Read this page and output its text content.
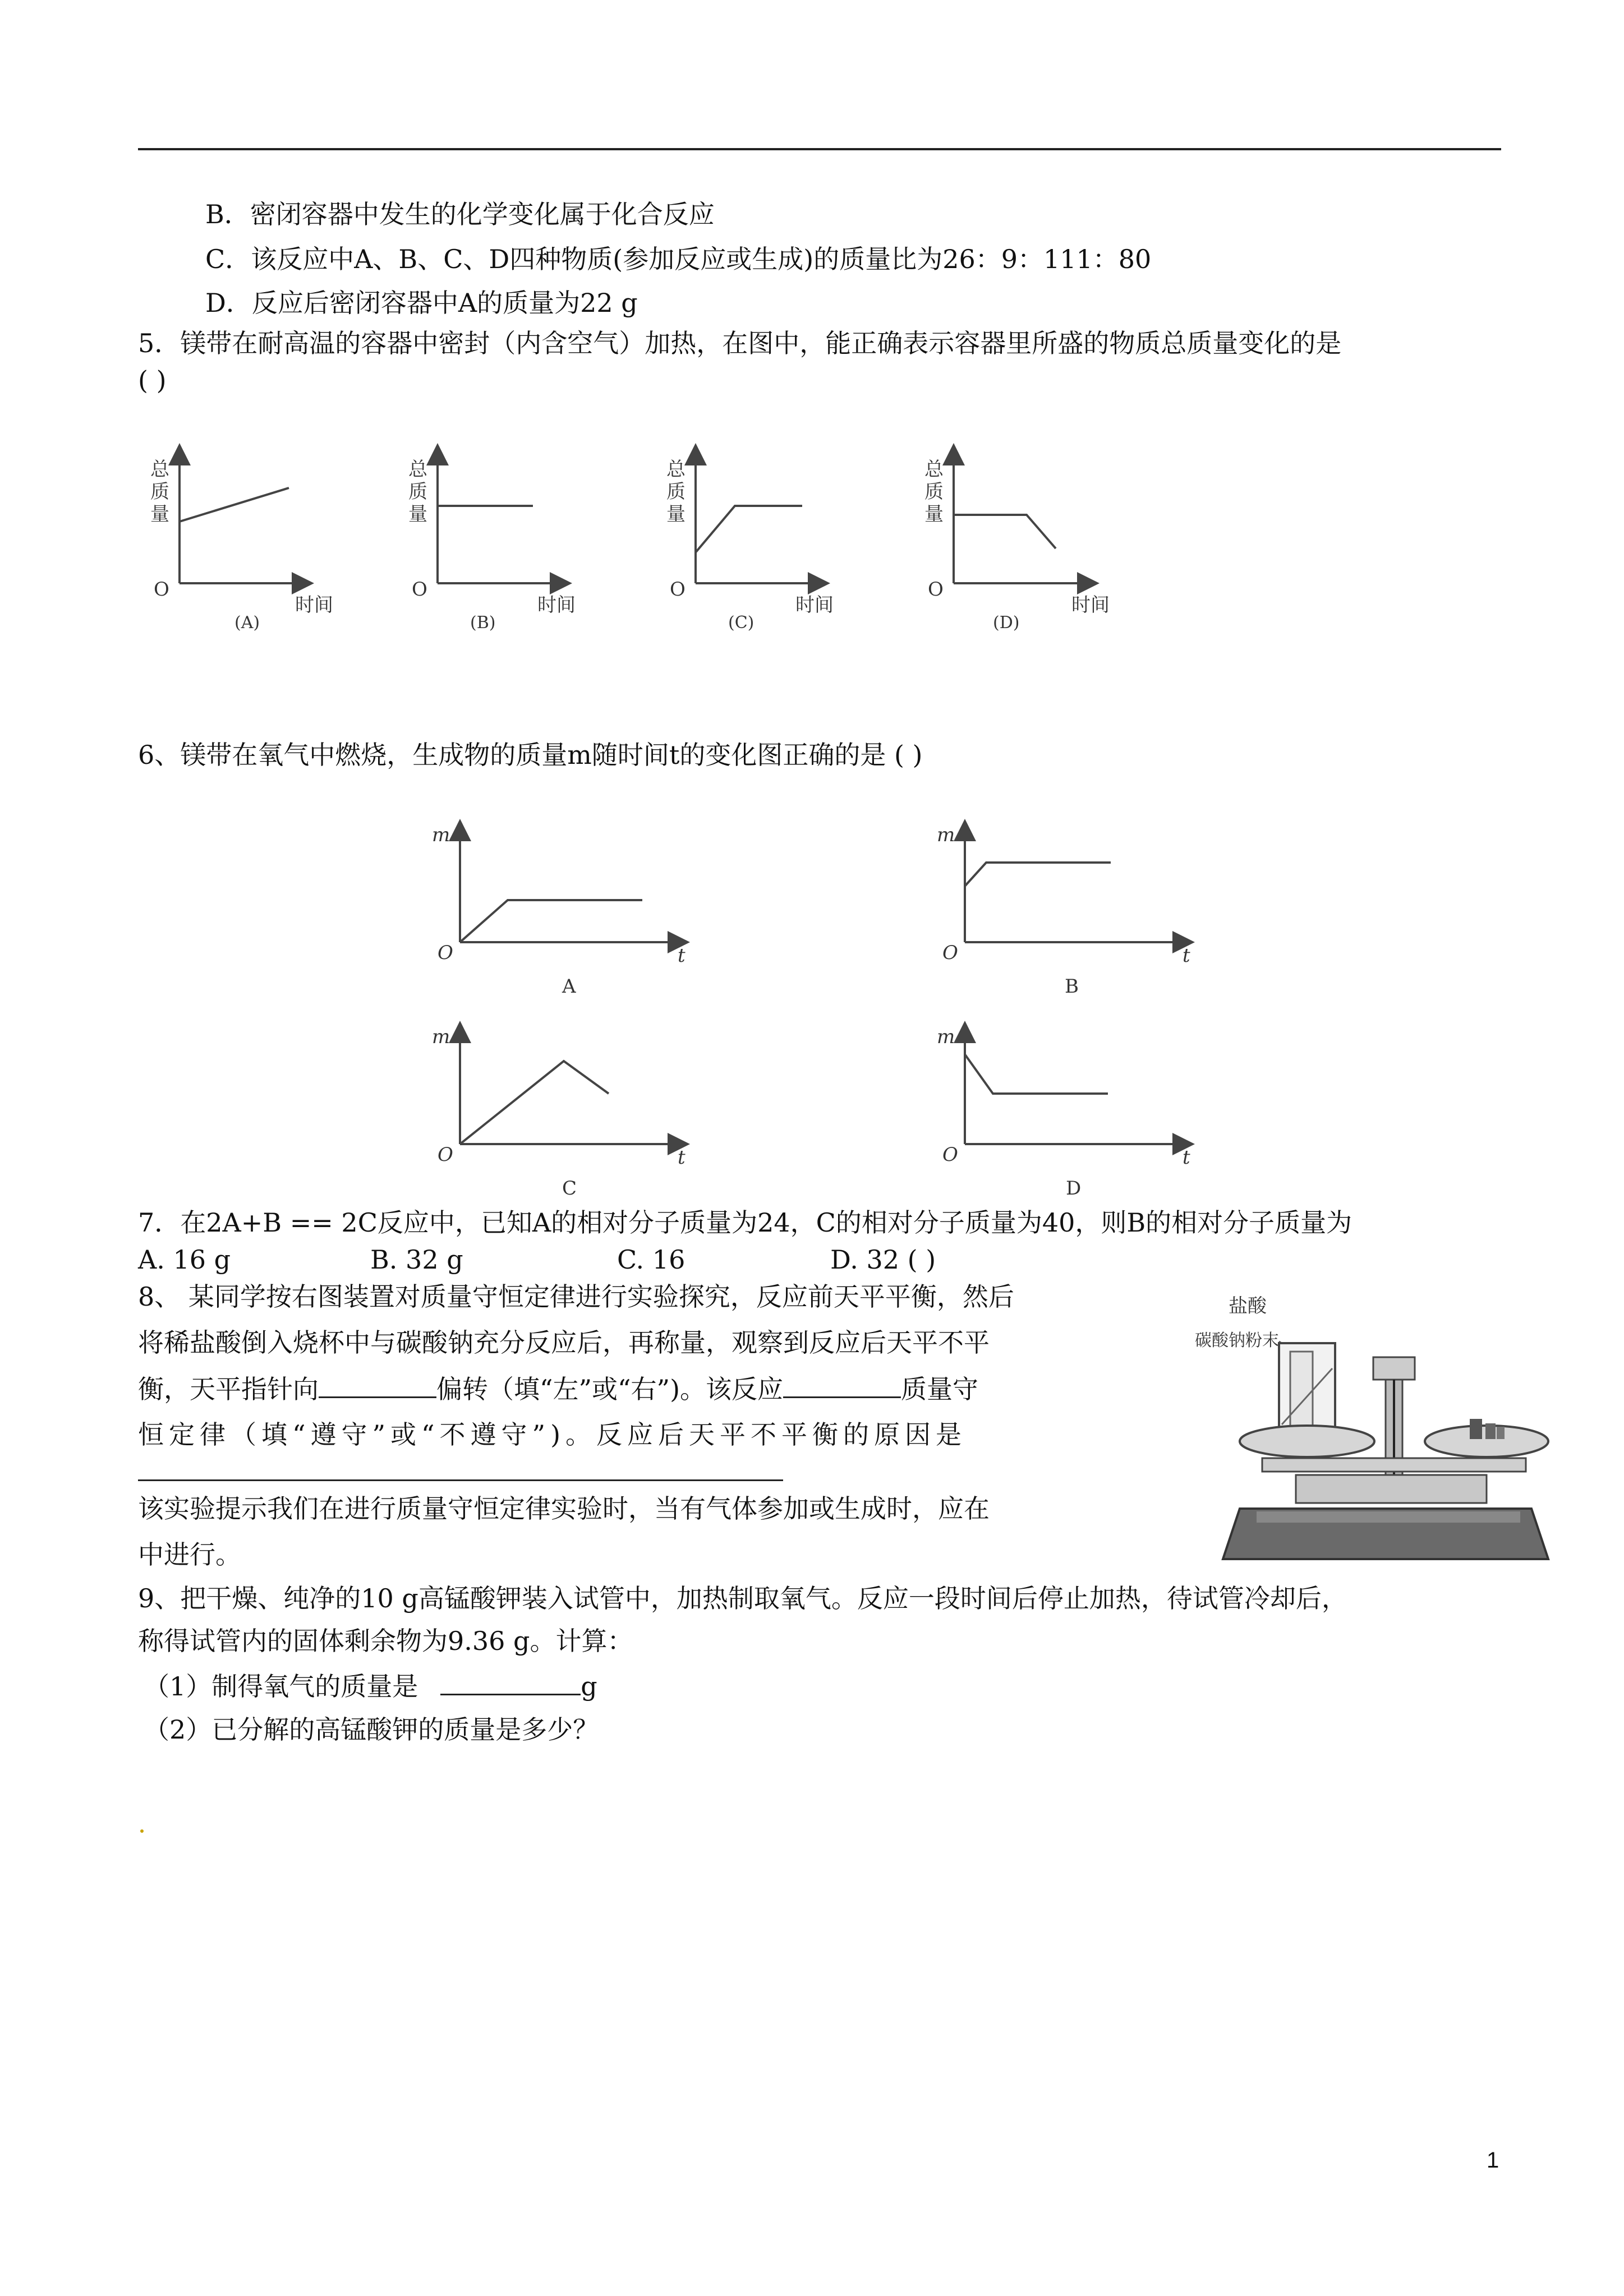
B．密闭容器中发生的化学变化属于化合反应
C．该反应中A、B、C、D四种物质(参加反应或生成)的质量比为26：9：111：80
D．反应后密闭容器中A的质量为22 g
5．镁带在耐高温的容器中密封（内含空气）加热，在图中，能正确表示容器里所盛的物质总质量变化的是
( )
总
质
量
O
时间
(A)
总
质
量
O
时间
(B)
总
质
量
O
时间
(C)
总
质
量
O
时间
(D)
6、镁带在氧气中燃烧，生成物的质量m随时间t的变化图正确的是 ( )
m
O	t
A
m
O	t
B
m
O	t
C
m
O	t
D
7．在2A+B == 2C反应中，已知A的相对分子质量为24，C的相对分子质量为40，则B的相对分子质量为
A. 16 g	B. 32 g	C. 16	D. 32 ( )
8、 某同学按右图装置对质量守恒定律进行实验探究，反应前天平平衡，然后
将稀盐酸倒入烧杯中与碳酸钠充分反应后，再称量，观察到反应后天平不平
衡，天平指针向	偏转（填“左”或“右”)。该反应	质量守
恒定律（填“遵守”或“不遵守”)。反应后天平不平衡的原因是
该实验提示我们在进行质量守恒定律实验时，当有气体参加或生成时，应在
中进行。
盐酸
碳酸钠粉末
9、把干燥、纯净的10 g高锰酸钾装入试管中，加热制取氧气。反应一段时间后停止加热，待试管冷却后，
称得试管内的固体剩余物为9.36 g。计算：
（1）制得氧气的质量是	g
（2）已分解的高锰酸钾的质量是多少？
1
